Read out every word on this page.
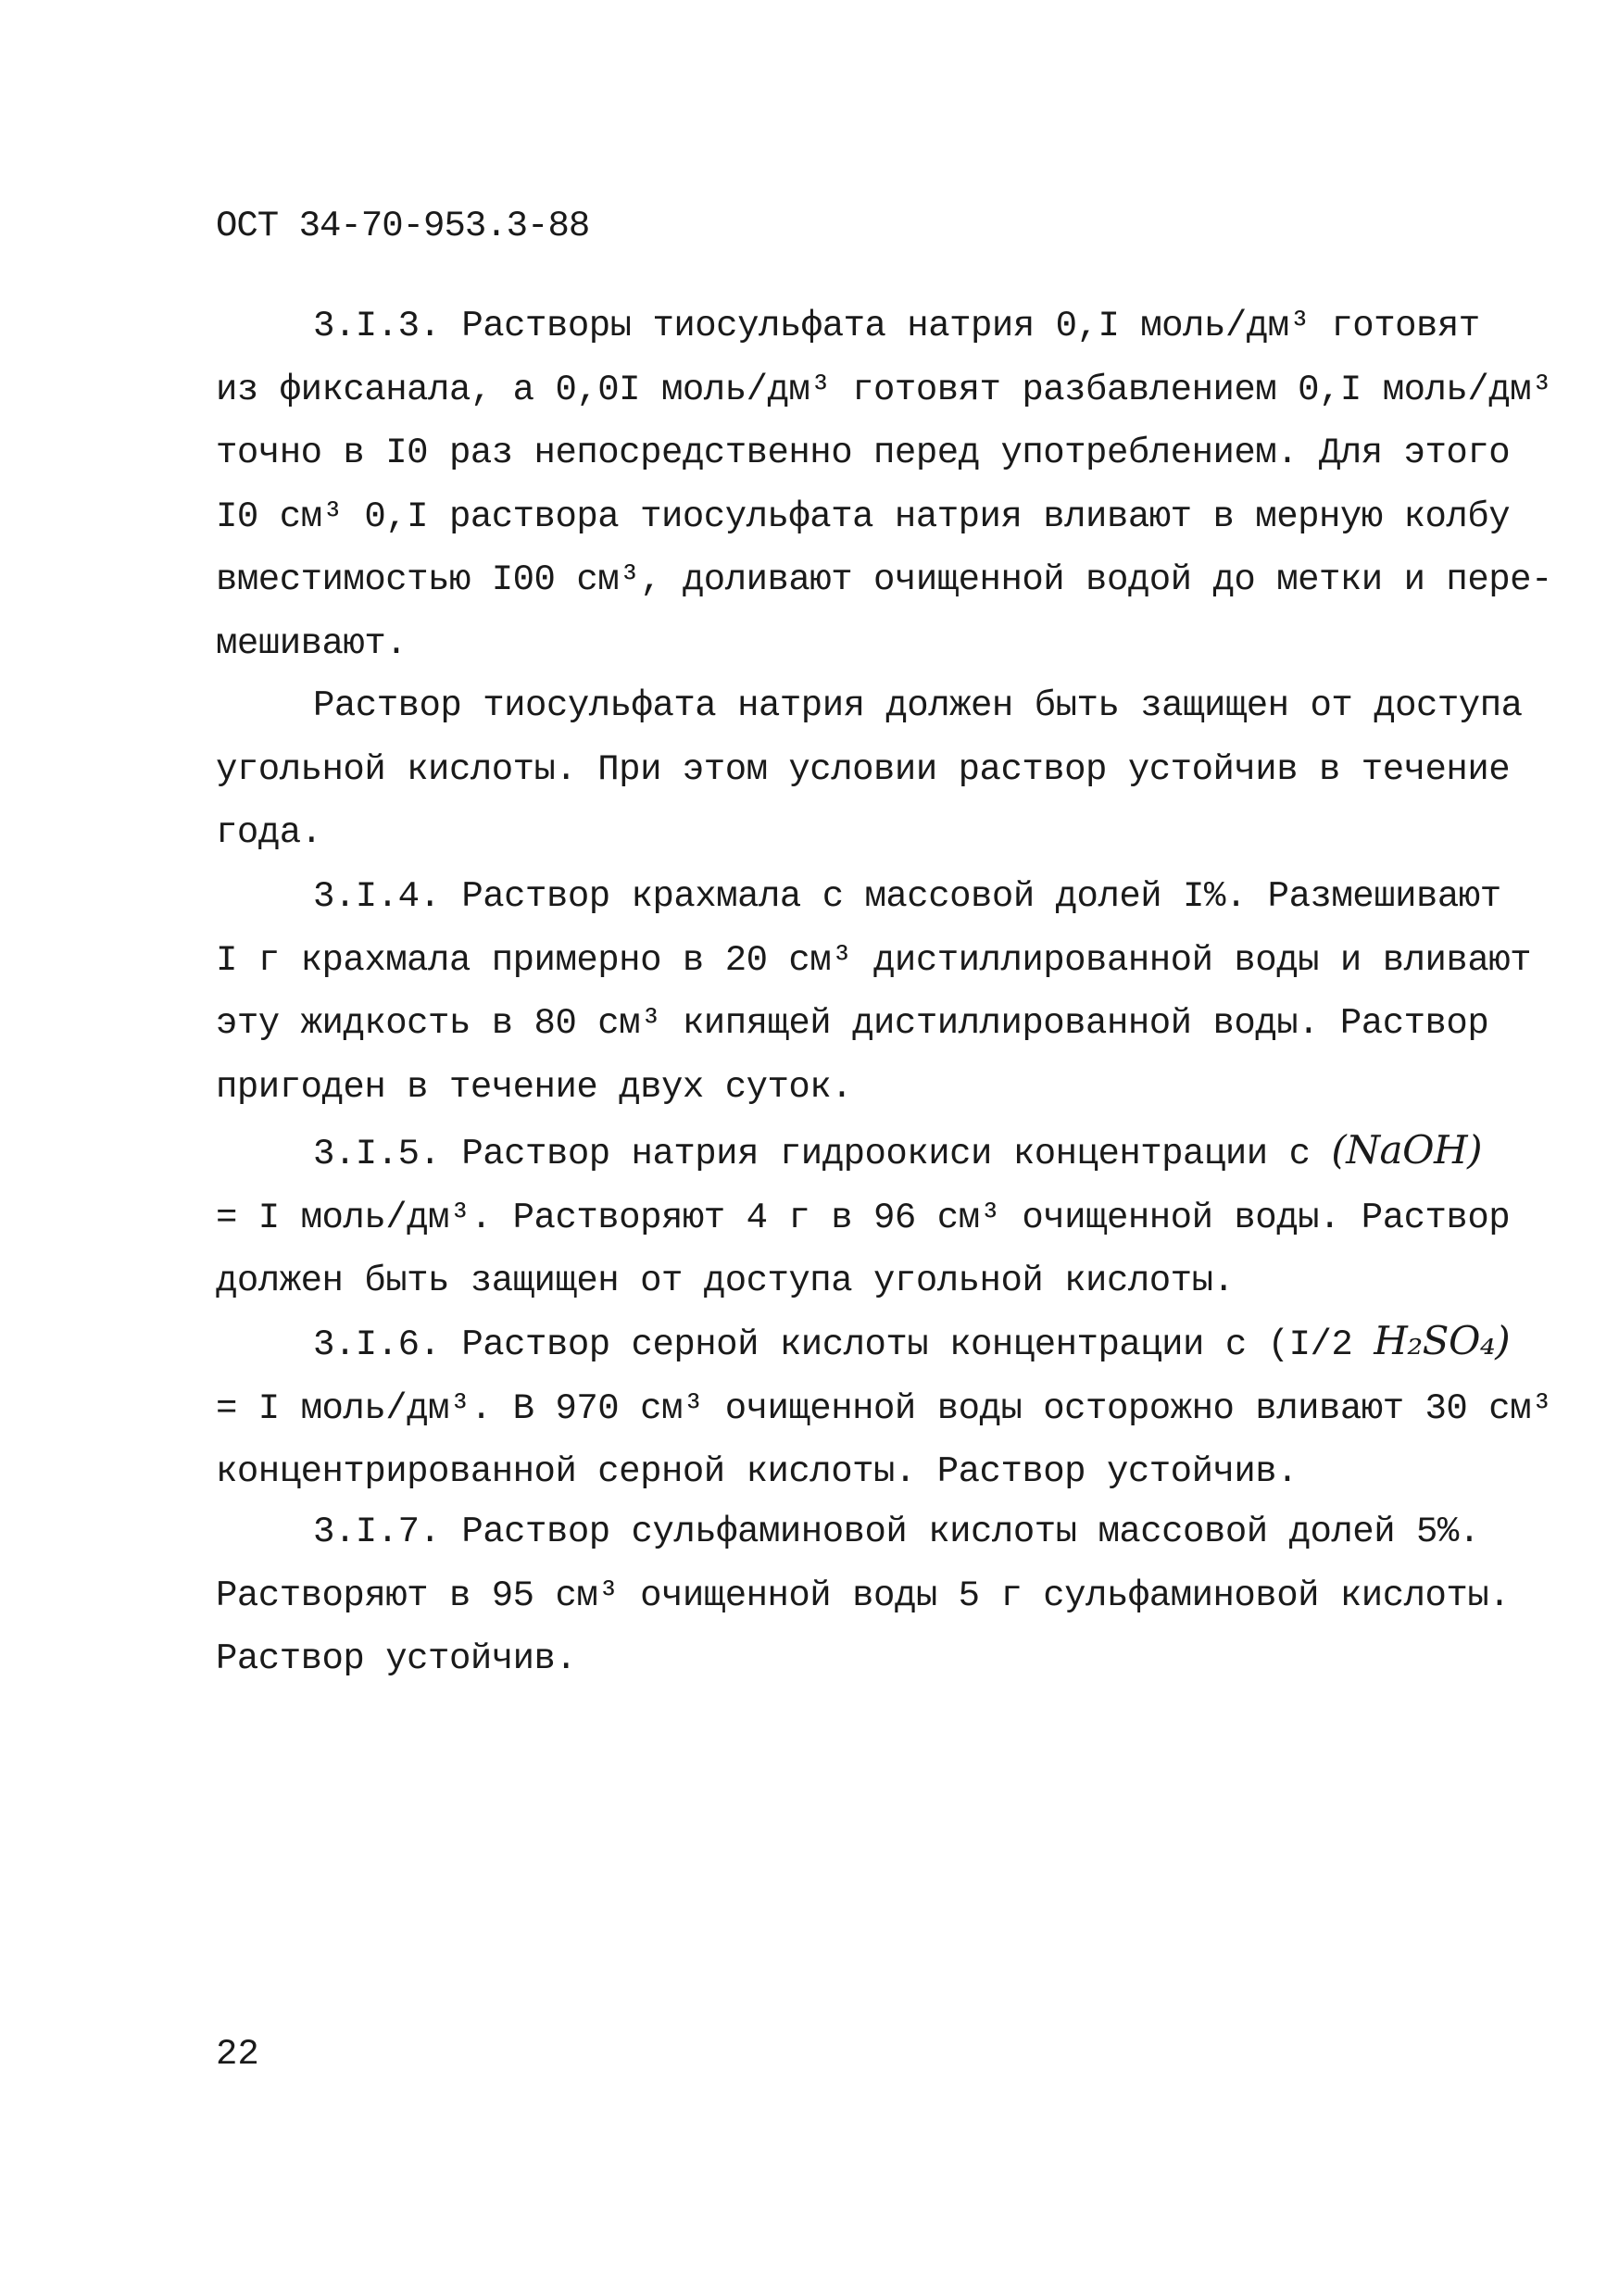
ОСТ 34-70-953.3-88
3.I.3. Растворы тиосульфата натрия 0,I моль/дм³ готовят
из фиксанала, а 0,0I моль/дм³ готовят разбавлением 0,I моль/дм³
точно в I0 раз непосредственно перед употреблением. Для этого
I0 см³ 0,I раствора тиосульфата натрия вливают в мерную колбу
вместимостью I00 см³, доливают очищенной водой до метки и пере-
мешивают.
Раствор тиосульфата натрия должен быть защищен от доступа
угольной кислоты. При этом условии раствор устойчив в течение
года.
3.I.4. Раствор крахмала с массовой долей I%. Размешивают
I г крахмала примерно в 20 см³ дистиллированной воды и вливают
эту жидкость в 80 см³ кипящей дистиллированной воды. Раствор
пригоден в течение двух суток.
3.I.5. Раствор натрия гидроокиси концентрации с (NaOH)
= I моль/дм³. Растворяют 4 г в 96 см³ очищенной воды. Раствор
должен быть защищен от доступа угольной кислоты.
3.I.6. Раствор серной кислоты концентрации с (I/2 H₂SO₄)
= I моль/дм³. В 970 см³ очищенной воды осторожно вливают 30 см³
концентрированной серной кислоты. Раствор устойчив.
3.I.7. Раствор сульфаминовой кислоты массовой долей 5%.
Растворяют в 95 см³ очищенной воды 5 г сульфаминовой кислоты.
Раствор устойчив.
22
